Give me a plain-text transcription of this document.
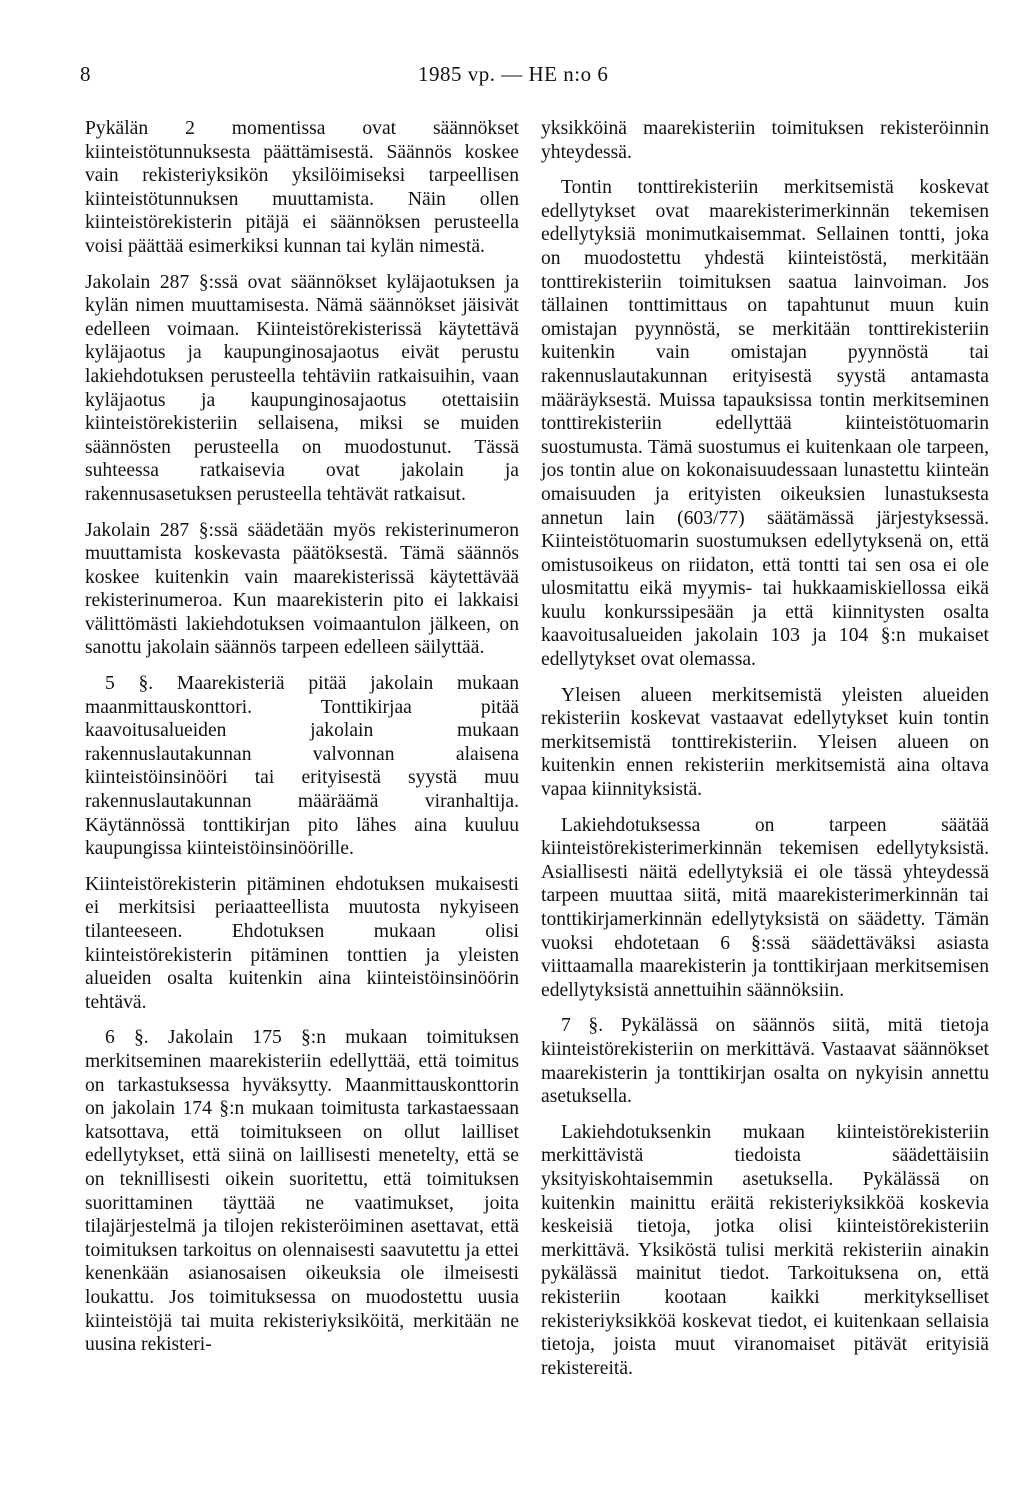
8	1985 vp. — HE n:o 6

Pykälän 2 momentissa ovat säännökset kiinteistötunnuksesta päättämisestä. Säännös koskee vain rekisteriyksikön yksilöimiseksi tarpeellisen kiinteistötunnuksen muuttamista. Näin ollen kiinteistörekisterin pitäjä ei säännöksen perusteella voisi päättää esimerkiksi kunnan tai kylän nimestä.

Jakolain 287 §:ssä ovat säännökset kyläjaotuksen ja kylän nimen muuttamisesta. Nämä säännökset jäisivät edelleen voimaan. Kiinteistörekisterissä käytettävä kyläjaotus ja kaupunginosajaotus eivät perustu lakiehdotuksen perusteella tehtäviin ratkaisuihin, vaan kyläjaotus ja kaupunginosajaotus otettaisiin kiinteistörekisteriin sellaisena, miksi se muiden säännösten perusteella on muodostunut. Tässä suhteessa ratkaisevia ovat jakolain ja rakennusasetuksen perusteella tehtävät ratkaisut.

Jakolain 287 §:ssä säädetään myös rekisterinumeron muuttamista koskevasta päätöksestä. Tämä säännös koskee kuitenkin vain maarekisterissä käytettävää rekisterinumeroa. Kun maarekisterin pito ei lakkaisi välittömästi lakiehdotuksen voimaantulon jälkeen, on sanottu jakolain säännös tarpeen edelleen säilyttää.

5 §. Maarekisteriä pitää jakolain mukaan maanmittauskonttori. Tonttikirjaa pitää kaavoitusalueiden jakolain mukaan rakennuslautakunnan valvonnan alaisena kiinteistöinsinööri tai erityisestä syystä muu rakennuslautakunnan määräämä viranhaltija. Käytännössä tonttikirjan pito lähes aina kuuluu kaupungissa kiinteistöinsinöörille.

Kiinteistörekisterin pitäminen ehdotuksen mukaisesti ei merkitsisi periaatteellista muutosta nykyiseen tilanteeseen. Ehdotuksen mukaan olisi kiinteistörekisterin pitäminen tonttien ja yleisten alueiden osalta kuitenkin aina kiinteistöinsinöörin tehtävä.

6 §. Jakolain 175 §:n mukaan toimituksen merkitseminen maarekisteriin edellyttää, että toimitus on tarkastuksessa hyväksytty. Maanmittauskonttorin on jakolain 174 §:n mukaan toimitusta tarkastaessaan katsottava, että toimitukseen on ollut lailliset edellytykset, että siinä on laillisesti menetelty, että se on teknillisesti oikein suoritettu, että toimituksen suorittaminen täyttää ne vaatimukset, joita tilajärjestelmä ja tilojen rekisteröiminen asettavat, että toimituksen tarkoitus on olennaisesti saavutettu ja ettei kenenkään asianosaisen oikeuksia ole ilmeisesti loukattu. Jos toimituksessa on muodostettu uusia kiinteistöjä tai muita rekisteriyksiköitä, merkitään ne uusina rekisteri-

yksikköinä maarekisteriin toimituksen rekisteröinnin yhteydessä.

Tontin tonttirekisteriin merkitsemistä koskevat edellytykset ovat maarekisterimerkinnän tekemisen edellytyksiä monimutkaisemmat. Sellainen tontti, joka on muodostettu yhdestä kiinteistöstä, merkitään tonttirekisteriin toimituksen saatua lainvoiman. Jos tällainen tonttimittaus on tapahtunut muun kuin omistajan pyynnöstä, se merkitään tonttirekisteriin kuitenkin vain omistajan pyynnöstä tai rakennuslautakunnan erityisestä syystä antamasta määräyksestä. Muissa tapauksissa tontin merkitseminen tonttirekisteriin edellyttää kiinteistötuomarin suostumusta. Tämä suostumus ei kuitenkaan ole tarpeen, jos tontin alue on kokonaisuudessaan lunastettu kiinteän omaisuuden ja erityisten oikeuksien lunastuksesta annetun lain (603/77) säätämässä järjestyksessä. Kiinteistötuomarin suostumuksen edellytyksenä on, että omistusoikeus on riidaton, että tontti tai sen osa ei ole ulosmitattu eikä myymis- tai hukkaamiskiellossa eikä kuulu konkurssipesään ja että kiinnitysten osalta kaavoitusalueiden jakolain 103 ja 104 §:n mukaiset edellytykset ovat olemassa.

Yleisen alueen merkitsemistä yleisten alueiden rekisteriin koskevat vastaavat edellytykset kuin tontin merkitsemistä tonttirekisteriin. Yleisen alueen on kuitenkin ennen rekisteriin merkitsemistä aina oltava vapaa kiinnityksistä.

Lakiehdotuksessa on tarpeen säätää kiinteistörekisterimerkinnän tekemisen edellytyksistä. Asiallisesti näitä edellytyksiä ei ole tässä yhteydessä tarpeen muuttaa siitä, mitä maarekisterimerkinnän tai tonttikirjamerkinnän edellytyksistä on säädetty. Tämän vuoksi ehdotetaan 6 §:ssä säädettäväksi asiasta viittaamalla maarekisterin ja tonttikirjaan merkitsemisen edellytyksistä annettuihin säännöksiin.

7 §. Pykälässä on säännös siitä, mitä tietoja kiinteistörekisteriin on merkittävä. Vastaavat säännökset maarekisterin ja tonttikirjan osalta on nykyisin annettu asetuksella.

Lakiehdotuksenkin mukaan kiinteistörekisteriin merkittävistä tiedoista säädettäisiin yksityiskohtaisemmin asetuksella. Pykälässä on kuitenkin mainittu eräitä rekisteriyksikköä koskevia keskeisiä tietoja, jotka olisi kiinteistörekisteriin merkittävä. Yksiköstä tulisi merkitä rekisteriin ainakin pykälässä mainitut tiedot. Tarkoituksena on, että rekisteriin kootaan kaikki merkitykselliset rekisteriyksikköä koskevat tiedot, ei kuitenkaan sellaisia tietoja, joista muut viranomaiset pitävät erityisiä rekistereitä.
